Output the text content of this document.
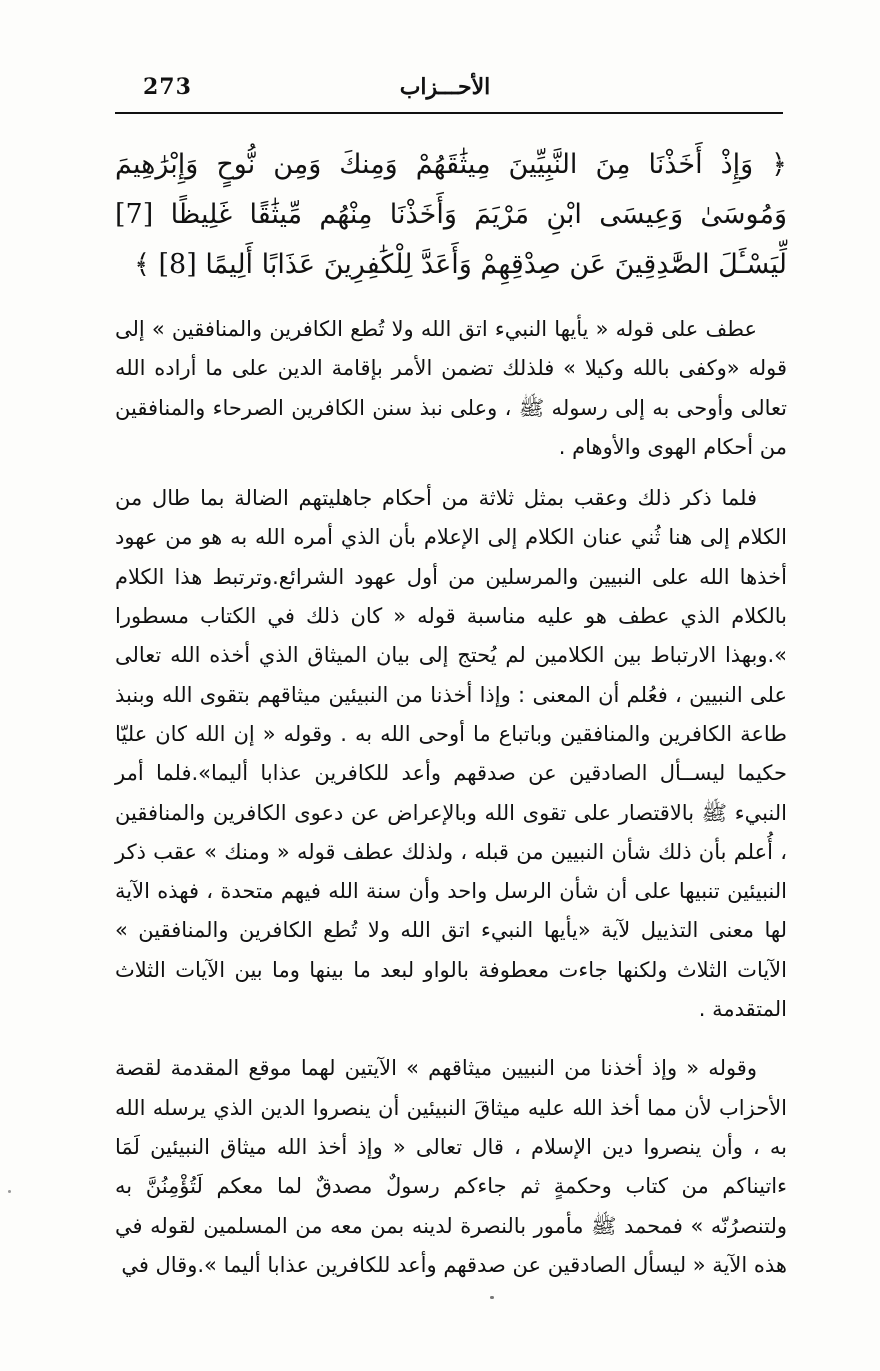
273	الأحـــزاب

﴿ وَإِذْ أَخَذْنَا مِنَ النَّبِيِّينَ مِيثَٰقَهُمْ وَمِنكَ وَمِن نُّوحٍ وَإِبْرَٰهِيمَ وَمُوسَىٰ وَعِيسَى ابْنِ مَرْيَمَ وَأَخَذْنَا مِنْهُم مِّيثَٰقًا غَلِيظًا [7] لِّيَسْـَٔلَ الصَّٰدِقِينَ عَن صِدْقِهِمْ وَأَعَدَّ لِلْكَٰفِرِينَ عَذَابًا أَلِيمًا [8] ﴾

عطف على قوله « يأيها النبيء اتق الله ولا تُطع الكافرين والمنافقين » إلى قوله «وكفى بالله وكيلا » فلذلك تضمن الأمر بإقامة الدين على ما أراده الله تعالى وأوحى به إلى رسوله ﷺ ، وعلى نبذ سنن الكافرين الصرحاء والمنافقين من أحكام الهوى والأوهام .

فلما ذكر ذلك وعقب بمثل ثلاثة من أحكام جاهليتهم الضالة بما طال من الكلام إلى هنا ثُني عنان الكلام إلى الإعلام بأن الذي أمره الله به هو من عهود أخذها الله على النبيين والمرسلين من أول عهود الشرائع.وترتبط هذا الكلام بالكلام الذي عطف هو عليه مناسبة قوله « كان ذلك في الكتاب مسطورا ».وبهذا الارتباط بين الكلامين لم يُحتج إلى بيان الميثاق الذي أخذه الله تعالى على النبيين ، فعُلم أن المعنى : وإذا أخذنا من النبيئين ميثاقهم بتقوى الله وبنبذ طاعة الكافرين والمنافقين وباتباع ما أوحى الله به . وقوله « إن الله كان عليّا حكيما ليســأل الصادقين عن صدقهم وأعد للكافرين عذابا أليما».فلما أمر النبيء ﷺ بالاقتصار على تقوى الله وبالإعراض عن دعوى الكافرين والمنافقين ، أُعلم بأن ذلك شأن النبيين من قبله ، ولذلك عطف قوله « ومنك » عقب ذكر النبيئين تنبيها على أن شأن الرسل واحد وأن سنة الله فيهم متحدة ، فهذه الآية لها معنى التذييل لآية «يأيها النبيء اتق الله ولا تُطع الكافرين والمنافقين » الآيات الثلاث ولكنها جاءت معطوفة بالواو لبعد ما بينها وما بين الآيات الثلاث المتقدمة .

وقوله « وإذ أخذنا من النبيين ميثاقهم » الآيتين لهما موقع المقدمة لقصة الأحزاب لأن مما أخذ الله عليه ميثاقَ النبيئين أن ينصروا الدين الذي يرسله الله به ، وأن ينصروا دين الإسلام ، قال تعالى « وإذ أخذ الله ميثاق النبيئين لَمَا ءاتيناكم من كتاب وحكمةٍ ثم جاءكم رسولٌ مصدقٌ لما معكم لَتُؤْمِنُنَّ به ولتنصرُنّه » فمحمد ﷺ مأمور بالنصرة لدينه بمن معه من المسلمين لقوله في هذه الآية « ليسأل الصادقين عن صدقهم وأعد للكافرين عذابا أليما ».وقال في
